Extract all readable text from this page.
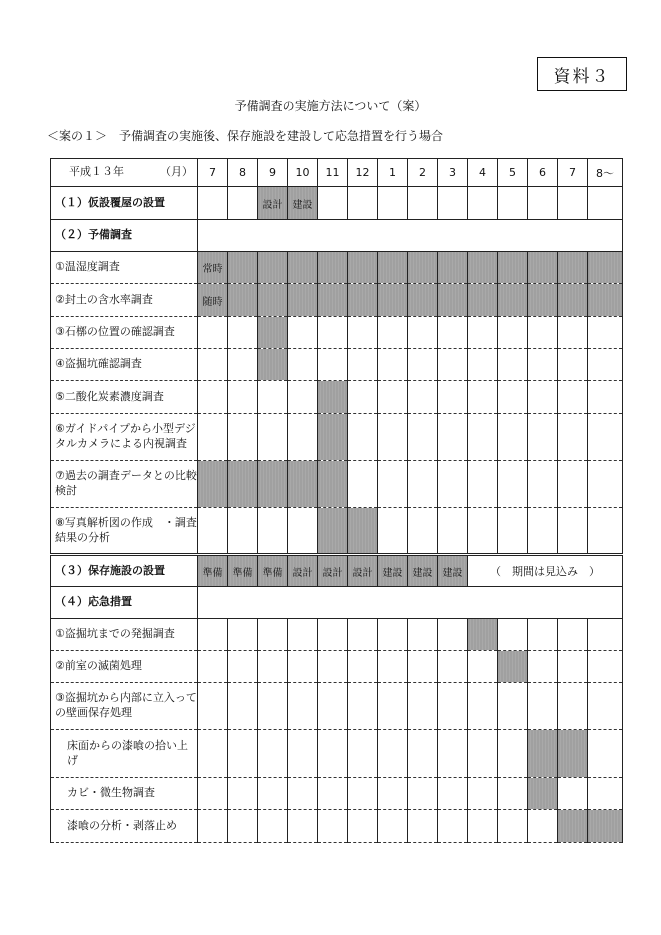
資料３
予備調査の実施方法について（案）
＜案の１＞　予備調査の実施後、保存施設を建設して応急措置を行う場合
平成１３年 （月）	7	8	9	10	11	12	1	2	3	4	5	6	7	8～
（１）仮設覆屋の設置			設計	建設										
（２）予備調査														
①温湿度調査	常時													
②封土の含水率調査	随時													
③石槨の位置の確認調査														
④盗掘坑確認調査														
⑤二酸化炭素濃度調査														
⑥ガイドパイプから小型デジタルカメラによる内視調査														
⑦過去の調査データとの比較検討														
⑧写真解析図の作成　・調査結果の分析														
（３）保存施設の設置	準備	準備	準備	設計	設計	設計	建設	建設	建設	（　期間は見込み　）				
（４）応急措置														
①盗掘坑までの発掘調査														
②前室の滅菌処理														
③盗掘坑から内部に立入っての壁画保存処理														
床面からの漆喰の拾い上げ														
カビ・微生物調査														
漆喰の分析・剥落止め														
